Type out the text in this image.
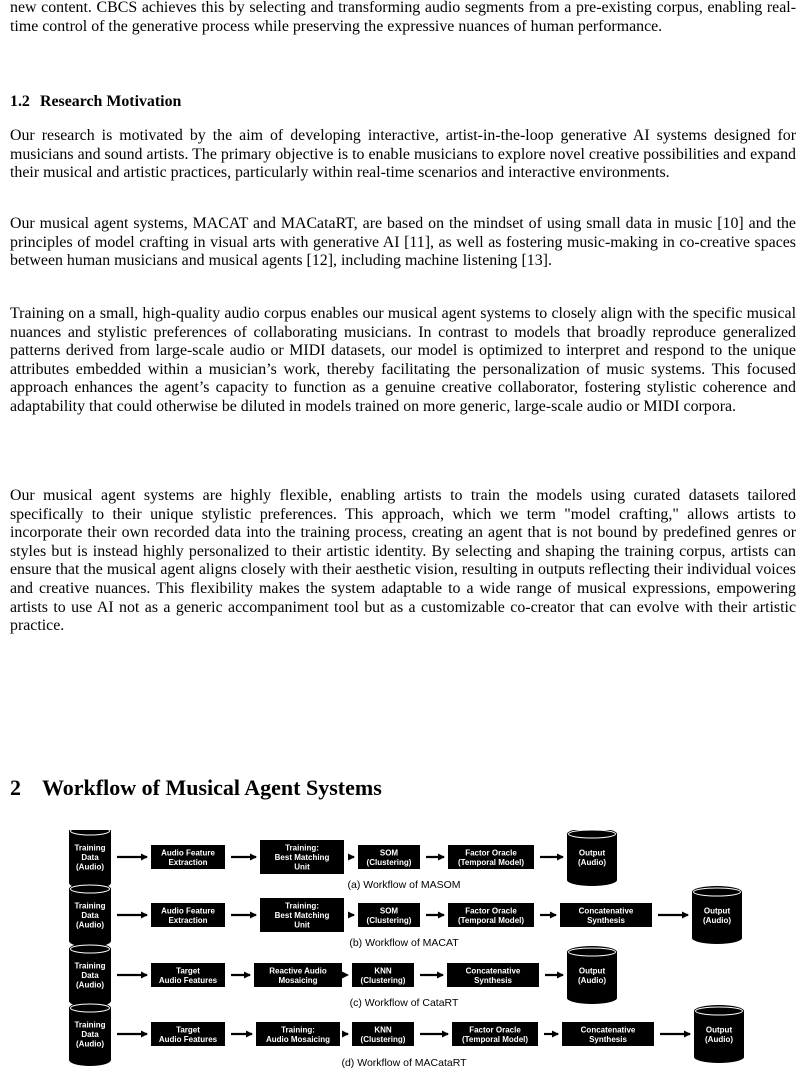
new content. CBCS achieves this by selecting and transforming audio segments from a pre-existing corpus, enabling real-time control of the generative process while preserving the expressive nuances of human performance.

1.2 Research Motivation

Our research is motivated by the aim of developing interactive, artist-in-the-loop generative AI systems designed for musicians and sound artists. The primary objective is to enable musicians to explore novel creative possibilities and expand their musical and artistic practices, particularly within real-time scenarios and interactive environments.

Our musical agent systems, MACAT and MACataRT, are based on the mindset of using small data in music [10] and the principles of model crafting in visual arts with generative AI [11], as well as fostering music-making in co-creative spaces between human musicians and musical agents [12], including machine listening [13].

Training on a small, high-quality audio corpus enables our musical agent systems to closely align with the specific musical nuances and stylistic preferences of collaborating musicians. In contrast to models that broadly reproduce generalized patterns derived from large-scale audio or MIDI datasets, our model is optimized to interpret and respond to the unique attributes embedded within a musician’s work, thereby facilitating the personalization of music systems. This focused approach enhances the agent’s capacity to function as a genuine creative collaborator, fostering stylistic coherence and adaptability that could otherwise be diluted in models trained on more generic, large-scale audio or MIDI corpora.

Our musical agent systems are highly flexible, enabling artists to train the models using curated datasets tailored specifically to their unique stylistic preferences. This approach, which we term "model crafting," allows artists to incorporate their own recorded data into the training process, creating an agent that is not bound by predefined genres or styles but is instead highly personalized to their artistic identity. By selecting and shaping the training corpus, artists can ensure that the musical agent aligns closely with their aesthetic vision, resulting in outputs reflecting their individual voices and creative nuances. This flexibility makes the system adaptable to a wide range of musical expressions, empowering artists to use AI not as a generic accompaniment tool but as a customizable co-creator that can evolve with their artistic practice.

2 Workflow of Musical Agent Systems
Training
Data
(Audio)
Audio Feature
Extraction
Training:
Best Matching
Unit
SOM
(Clustering)
Factor Oracle
(Temporal Model)
Output
(Audio)
(a) Workflow of MASOM
Training
Data
(Audio)
Audio Feature
Extraction
Training:
Best Matching
Unit
SOM
(Clustering)
Factor Oracle
(Temporal Model)
Concatenative
Synthesis
Output
(Audio)
(b) Workflow of MACAT
Training
Data
(Audio)
Target
Audio Features
Reactive Audio
Mosaicing
KNN
(Clustering)
Concatenative
Synthesis
Output
(Audio)
(c) Workflow of CataRT
Training
Data
(Audio)
Target
Audio Features
Training:
Audio Mosaicing
KNN
(Clustering)
Factor Oracle
(Temporal Model)
Concatenative
Synthesis
Output
(Audio)
(d) Workflow of MACataRT
